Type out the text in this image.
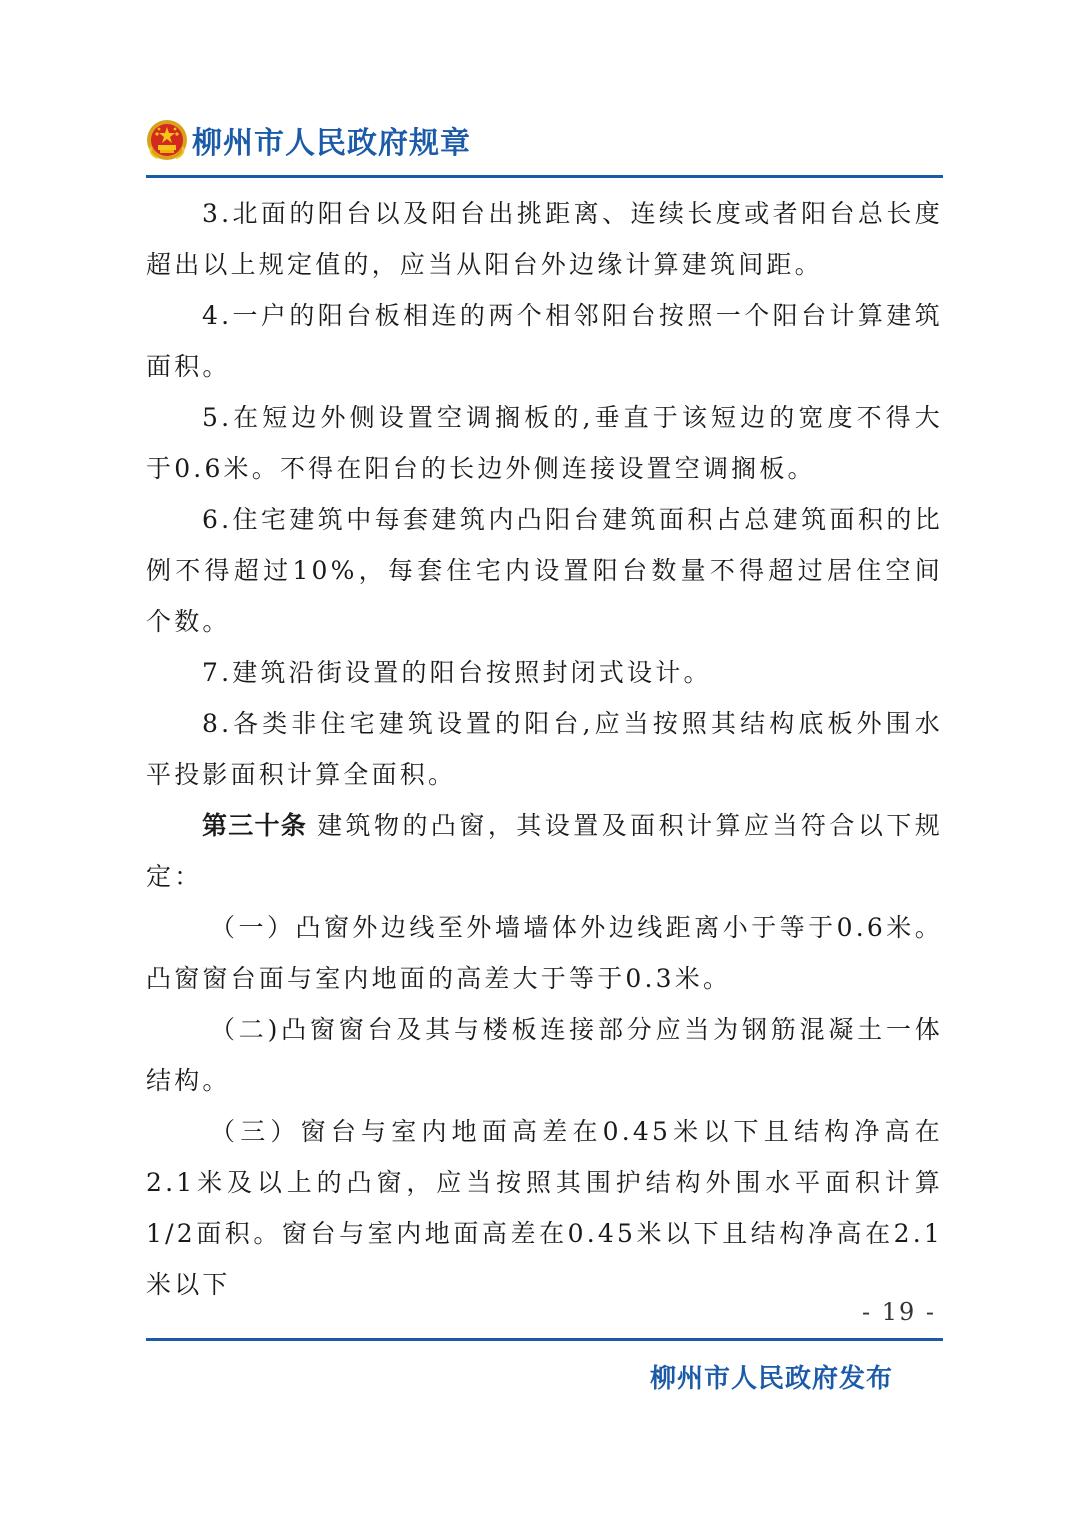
柳州市人民政府规章

3.北面的阳台以及阳台出挑距离、连续长度或者阳台总长度超出以上规定值的，应当从阳台外边缘计算建筑间距。

4.一户的阳台板相连的两个相邻阳台按照一个阳台计算建筑面积。

5.在短边外侧设置空调搁板的,垂直于该短边的宽度不得大于0.6米。不得在阳台的长边外侧连接设置空调搁板。

6.住宅建筑中每套建筑内凸阳台建筑面积占总建筑面积的比例不得超过10%，每套住宅内设置阳台数量不得超过居住空间个数。

7.建筑沿街设置的阳台按照封闭式设计。

8.各类非住宅建筑设置的阳台,应当按照其结构底板外围水平投影面积计算全面积。

第三十条 建筑物的凸窗，其设置及面积计算应当符合以下规定：

（一）凸窗外边线至外墙墙体外边线距离小于等于0.6米。凸窗窗台面与室内地面的高差大于等于0.3米。

（二)凸窗窗台及其与楼板连接部分应当为钢筋混凝土一体结构。

（三）窗台与室内地面高差在0.45米以下且结构净高在2.1米及以上的凸窗，应当按照其围护结构外围水平面积计算1/2面积。窗台与室内地面高差在0.45米以下且结构净高在2.1米以下

- 19 -
柳州市人民政府发布
